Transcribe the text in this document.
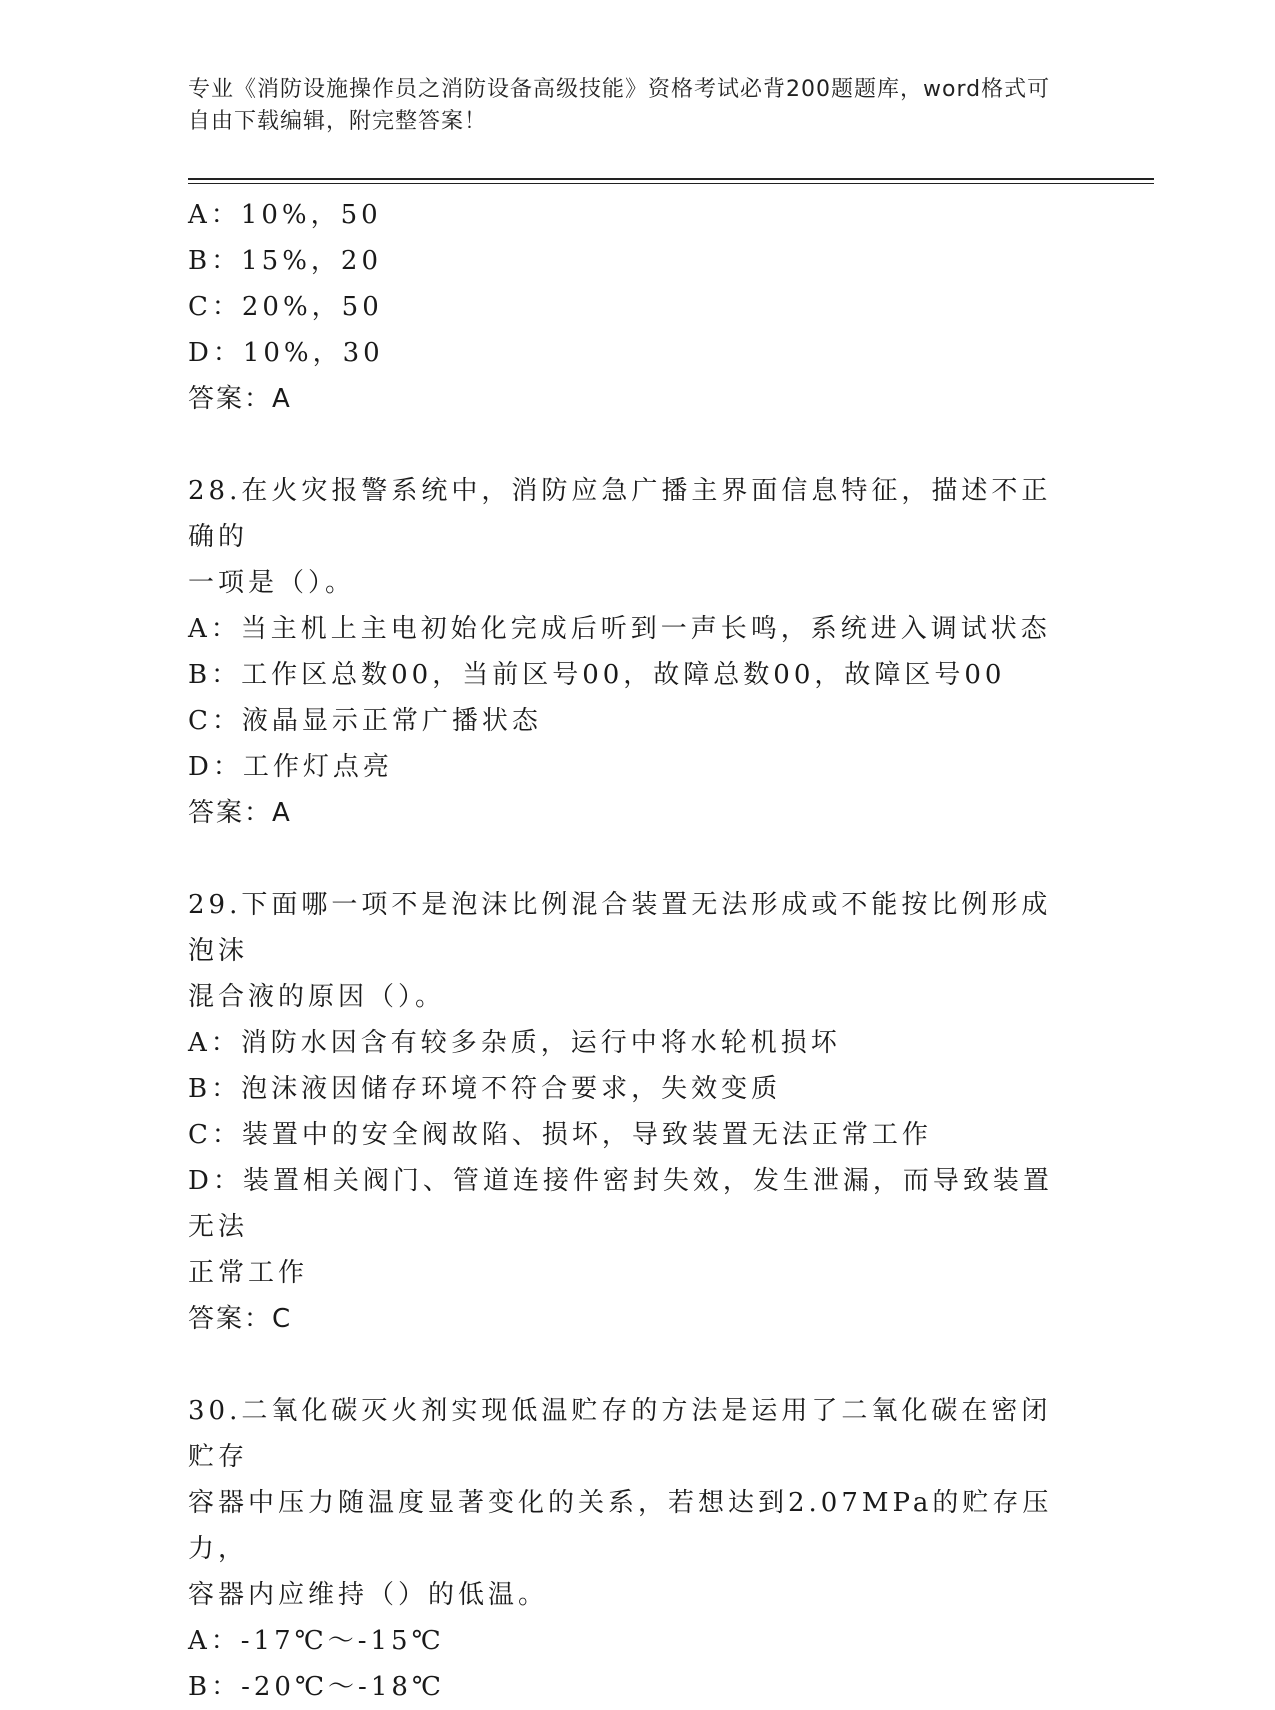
专业《消防设施操作员之消防设备高级技能》资格考试必背200题题库，word格式可自由下载编辑，附完整答案！
A：10%，50
B：15%，20
C：20%，50
D：10%，30
答案：A
28.在火灾报警系统中，消防应急广播主界面信息特征，描述不正确的
一项是（）。
A：当主机上主电初始化完成后听到一声长鸣，系统进入调试状态
B：工作区总数00，当前区号00，故障总数00，故障区号00
C：液晶显示正常广播状态
D：工作灯点亮
答案：A
29.下面哪一项不是泡沫比例混合装置无法形成或不能按比例形成泡沫
混合液的原因（）。
A：消防水因含有较多杂质，运行中将水轮机损坏
B：泡沫液因储存环境不符合要求，失效变质
C：装置中的安全阀故陷、损坏，导致装置无法正常工作
D：装置相关阀门、管道连接件密封失效，发生泄漏，而导致装置无法
正常工作
答案：C
30.二氧化碳灭火剂实现低温贮存的方法是运用了二氧化碳在密闭贮存
容器中压力随温度显著变化的关系，若想达到2.07MPa的贮存压力，
容器内应维持（）的低温。
A：-17℃～-15℃
B：-20℃～-18℃
